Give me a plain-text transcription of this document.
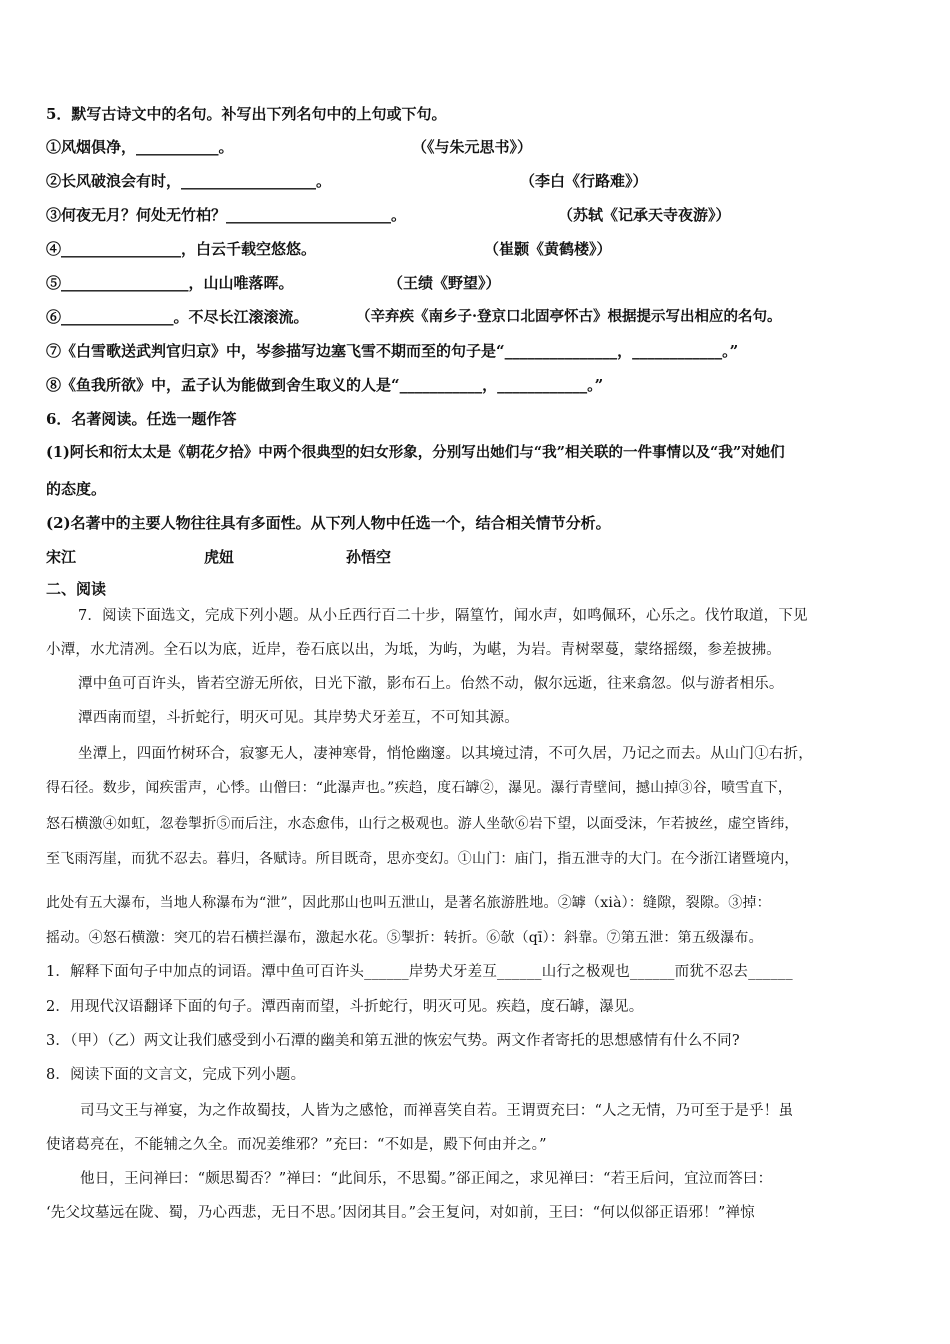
5．默写古诗文中的名句。补写出下列名句中的上句或下句。
①风烟俱净，___________。	（《与朱元思书》）
②长风破浪会有时，__________________。	（李白《行路难》）
③何夜无月？何处无竹柏？______________________。	（苏轼《记承天寺夜游》）
④________________，白云千载空悠悠。	（崔颢《黄鹤楼》）
⑤_________________，山山唯落晖。	（王绩《野望》）
⑥_______________。不尽长江滚滚流。	（辛弃疾《南乡子·登京口北固亭怀古》根据提示写出相应的名句。
⑦《白雪歌送武判官归京》中，岑参描写边塞飞雪不期而至的句子是“_______________，____________。”
⑧《鱼我所欲》中，孟子认为能做到舍生取义的人是“___________，____________。”
6．名著阅读。任选一题作答
(1)阿长和衍太太是《朝花夕拾》中两个很典型的妇女形象，分别写出她们与“我”相关联的一件事情以及“我”对她们
的态度。
(2)名著中的主要人物往往具有多面性。从下列人物中任选一个，结合相关情节分析。
宋江	虎妞	孙悟空
二、阅读
7．阅读下面选文，完成下列小题。从小丘西行百二十步，隔篁竹，闻水声，如鸣佩环，心乐之。伐竹取道，下见
小潭，水尤清冽。全石以为底，近岸，卷石底以出，为坻，为屿，为嵁，为岩。青树翠蔓，蒙络摇缀，参差披拂。
潭中鱼可百许头，皆若空游无所依，日光下澈，影布石上。佁然不动，俶尔远逝，往来翕忽。似与游者相乐。
潭西南而望，斗折蛇行，明灭可见。其岸势犬牙差互，不可知其源。
坐潭上，四面竹树环合，寂寥无人，凄神寒骨，悄怆幽邃。以其境过清，不可久居，乃记之而去。从山门①右折，
得石径。数步，闻疾雷声，心悸。山僧曰：“此瀑声也。”疾趋，度石罅②，瀑见。瀑行青壁间，撼山掉③谷，喷雪直下，
怒石横激④如虹，忽卷掣折⑤而后注，水态愈伟，山行之极观也。游人坐欹⑥岩下望，以面受沫，乍若披丝，虚空皆纬，
至飞雨泻崖，而犹不忍去。暮归，各赋诗。所目既奇，思亦变幻。①山门：庙门，指五泄寺的大门。在今浙江诸暨境内，
此处有五大瀑布，当地人称瀑布为“泄”，因此那山也叫五泄山，是著名旅游胜地。②罅（xià）：缝隙，裂隙。③掉：
摇动。④怒石横激：突兀的岩石横拦瀑布，激起水花。⑤掣折：转折。⑥欹（qī）：斜靠。⑦第五泄：第五级瀑布。
1．解释下面句子中加点的词语。潭中鱼可百许头______岸势犬牙差互______山行之极观也______而犹不忍去______
2．用现代汉语翻译下面的句子。潭西南而望，斗折蛇行，明灭可见。疾趋，度石罅，瀑见。
3．（甲）（乙）两文让我们感受到小石潭的幽美和第五泄的恢宏气势。两文作者寄托的思想感情有什么不同?
8．阅读下面的文言文，完成下列小题。
司马文王与禅宴，为之作故蜀技，人皆为之感怆，而禅喜笑自若。王谓贾充曰：“人之无情，乃可至于是乎！虽
使诸葛亮在，不能辅之久全。而况姜维邪？”充曰：“不如是，殿下何由并之。”
他日，王问禅曰：“颇思蜀否？”禅曰：“此间乐，不思蜀。”郤正闻之，求见禅曰：“若王后问，宜泣而答曰：
‘先父坟墓远在陇、蜀，乃心西悲，无日不思。’因闭其目。”会王复问，对如前，王曰：“何以似郤正语邪！”禅惊
